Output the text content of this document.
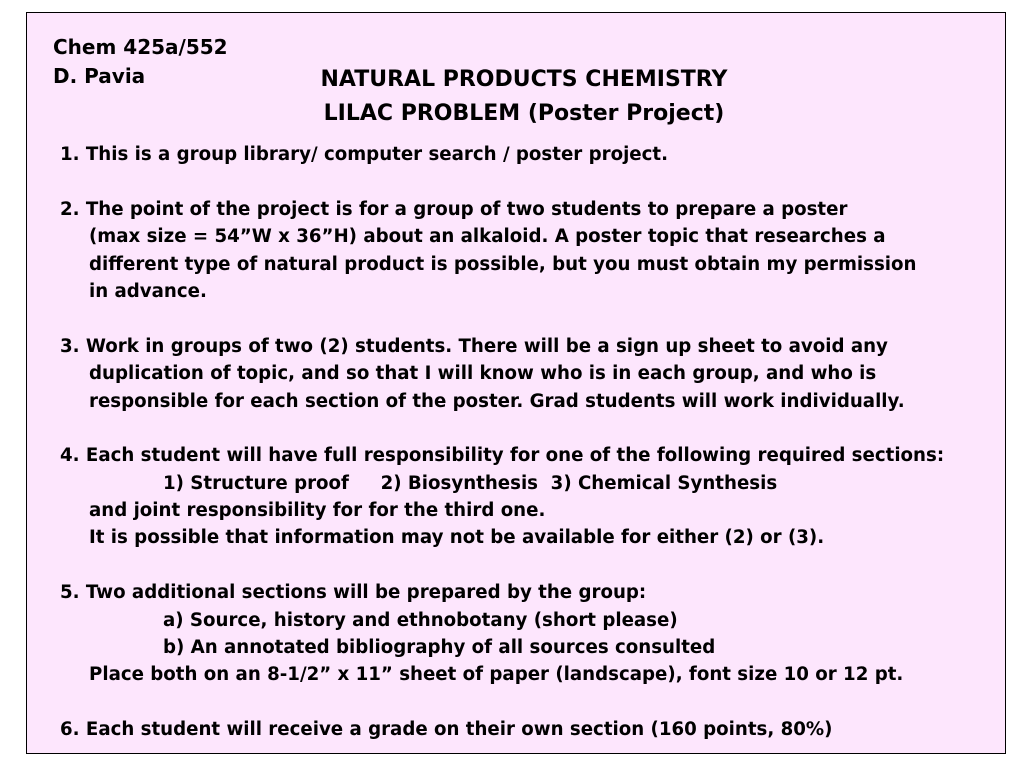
Chem 425a/552
D. Pavia	NATURAL PRODUCTS CHEMISTRY
LILAC PROBLEM (Poster Project)
1. This is a group library/ computer search / poster project.
2. The point of the project is for a group of two students to prepare a poster
(max size = 54”W x 36”H) about an alkaloid. A poster topic that researches a
different type of natural product is possible, but you must obtain my permission
in advance.
3. Work in groups of two (2) students. There will be a sign up sheet to avoid any
duplication of topic, and so that I will know who is in each group, and who is
responsible for each section of the poster. Grad students will work individually.
4. Each student will have full responsibility for one of the following required sections:
1) Structure proof     2) Biosynthesis  3) Chemical Synthesis
and joint responsibility for for the third one.
It is possible that information may not be available for either (2) or (3).
5. Two additional sections will be prepared by the group:
a) Source, history and ethnobotany (short please)
b) An annotated bibliography of all sources consulted
Place both on an 8-1/2” x 11” sheet of paper (landscape), font size 10 or 12 pt.
6. Each student will receive a grade on their own section (160 points, 80%)
